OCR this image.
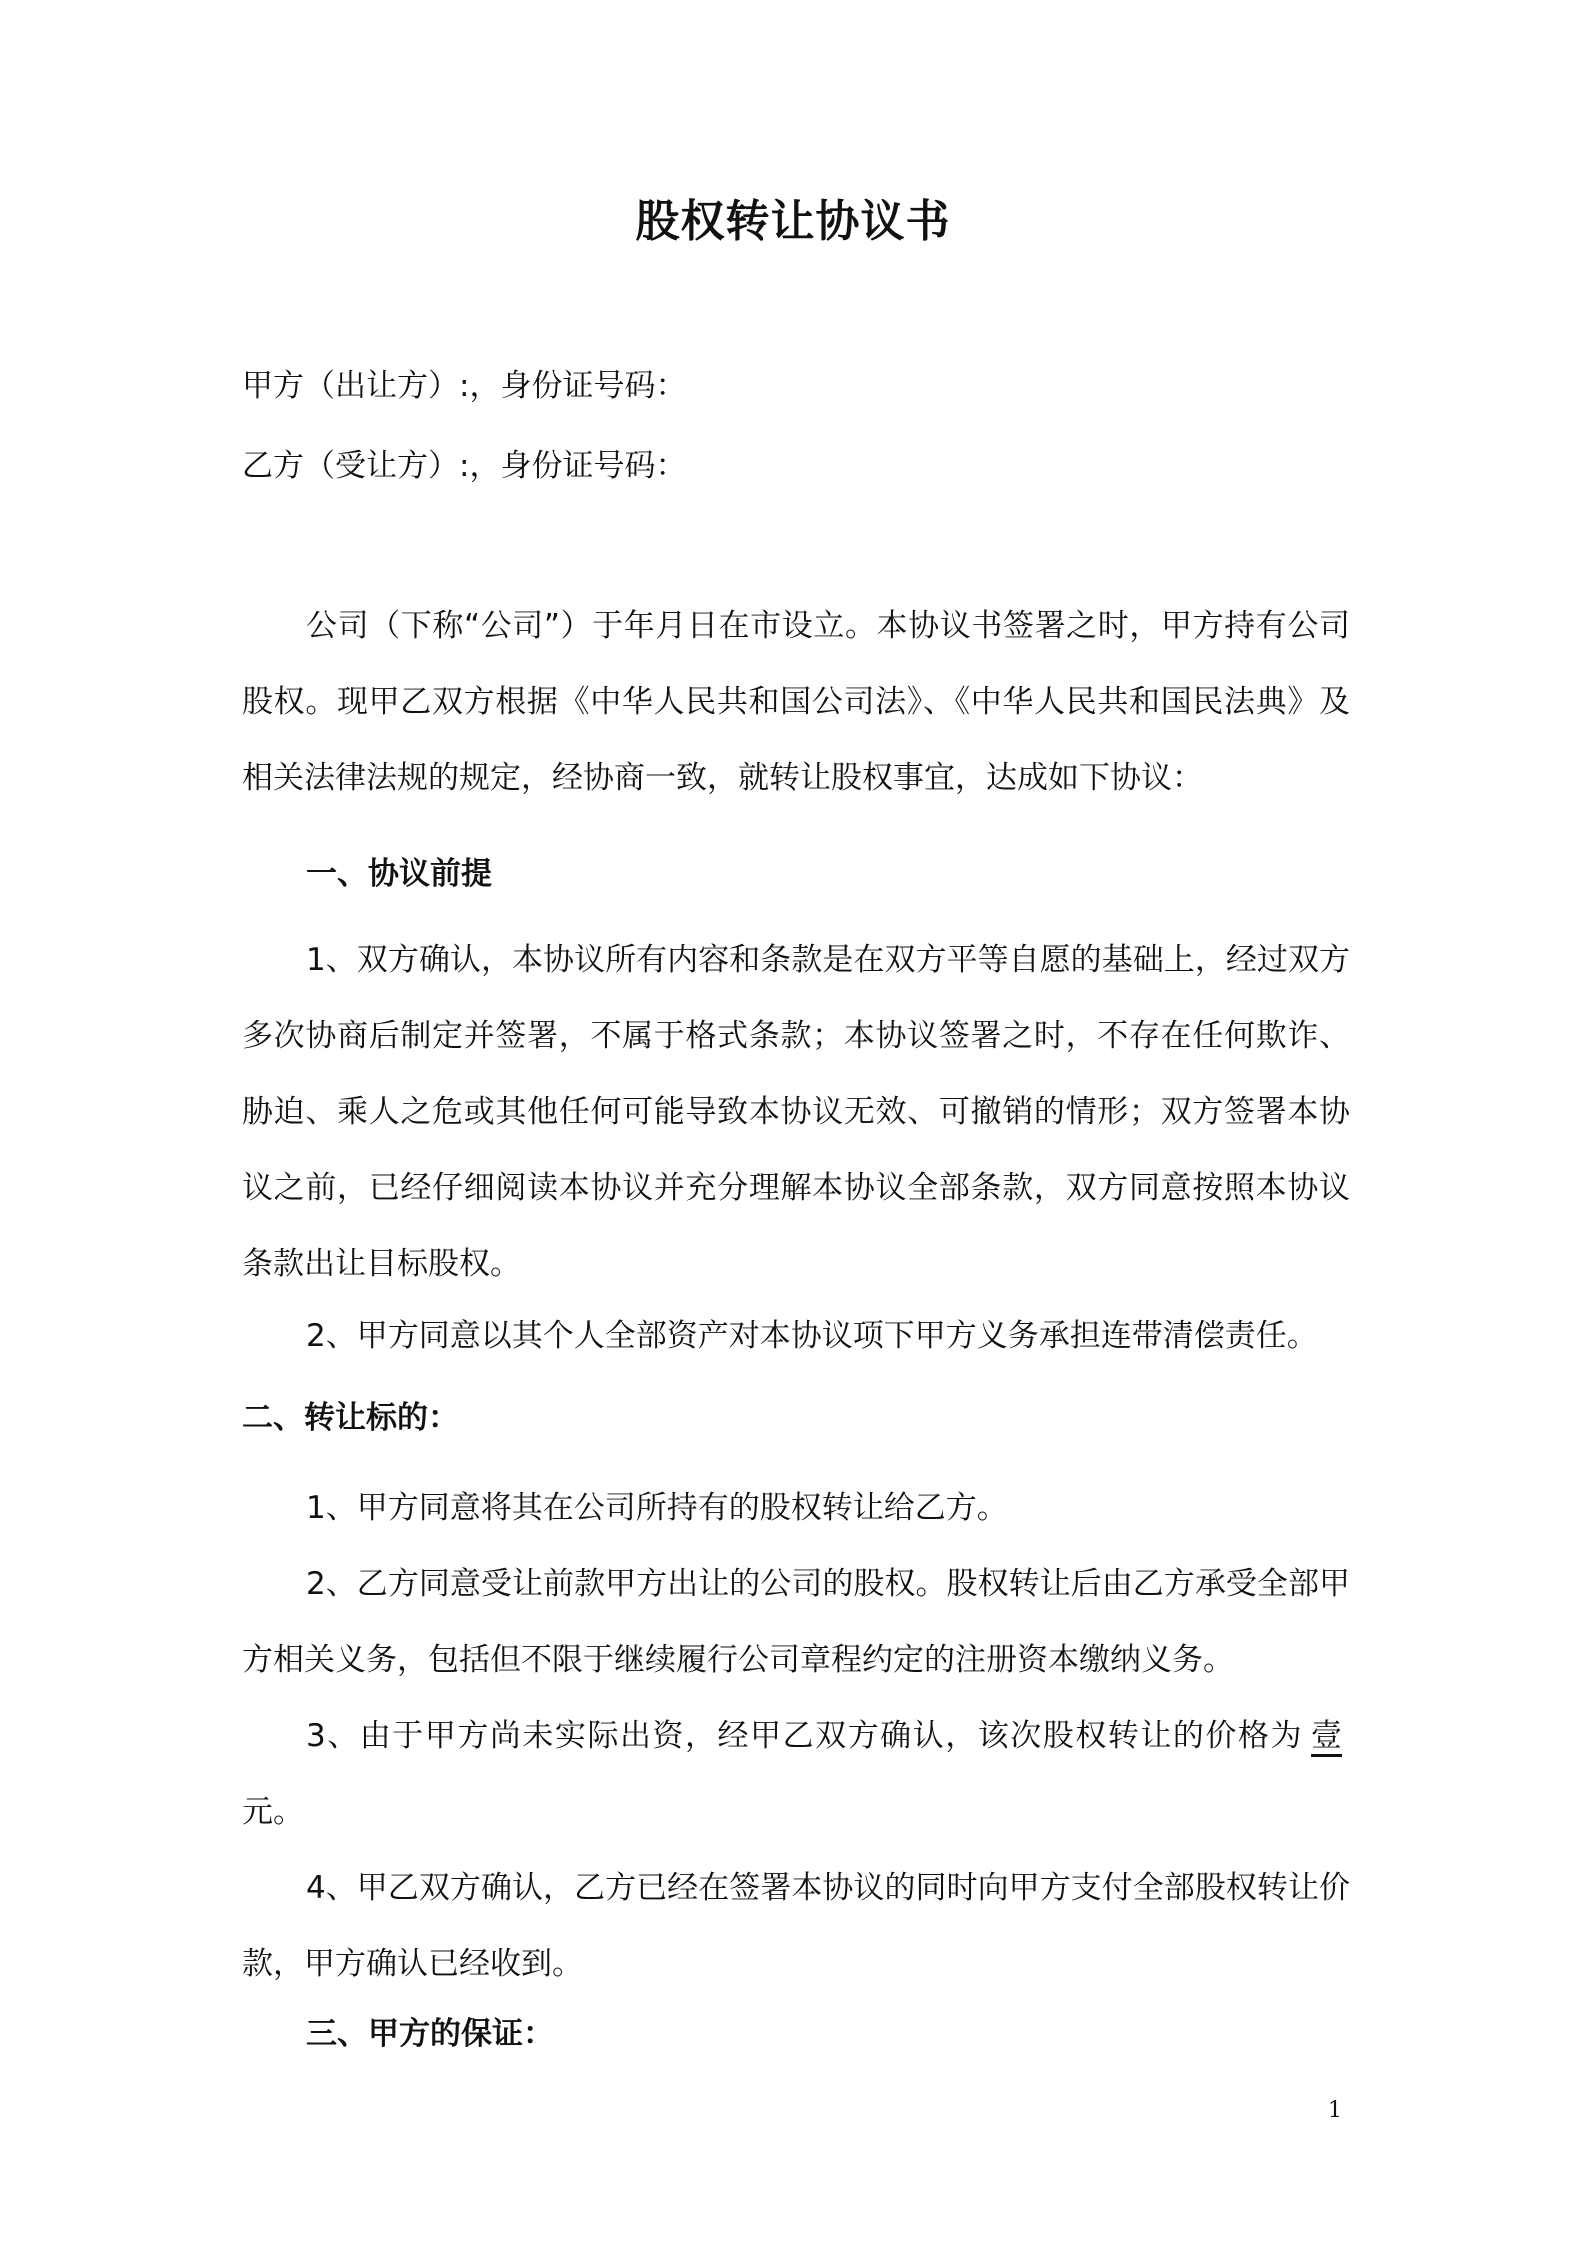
股权转让协议书
甲方（出让方）:，身份证号码：
乙方（受让方）:，身份证号码：
公司（下称“公司”）于年月日在市设立。本协议书签署之时，甲方持有公司股权。现甲乙双方根据《中华人民共和国公司法》、《中华人民共和国民法典》及相关法律法规的规定，经协商一致，就转让股权事宜，达成如下协议：
一、协议前提
1、双方确认，本协议所有内容和条款是在双方平等自愿的基础上，经过双方多次协商后制定并签署，不属于格式条款；本协议签署之时，不存在任何欺诈、胁迫、乘人之危或其他任何可能导致本协议无效、可撤销的情形；双方签署本协议之前，已经仔细阅读本协议并充分理解本协议全部条款，双方同意按照本协议条款出让目标股权。
2、甲方同意以其个人全部资产对本协议项下甲方义务承担连带清偿责任。
二、转让标的：
1、甲方同意将其在公司所持有的股权转让给乙方。
2、乙方同意受让前款甲方出让的公司的股权。股权转让后由乙方承受全部甲方相关义务，包括但不限于继续履行公司章程约定的注册资本缴纳义务。
3、由于甲方尚未实际出资，经甲乙双方确认，该次股权转让的价格为 壹元。
4、甲乙双方确认，乙方已经在签署本协议的同时向甲方支付全部股权转让价款，甲方确认已经收到。
三、甲方的保证：
1
